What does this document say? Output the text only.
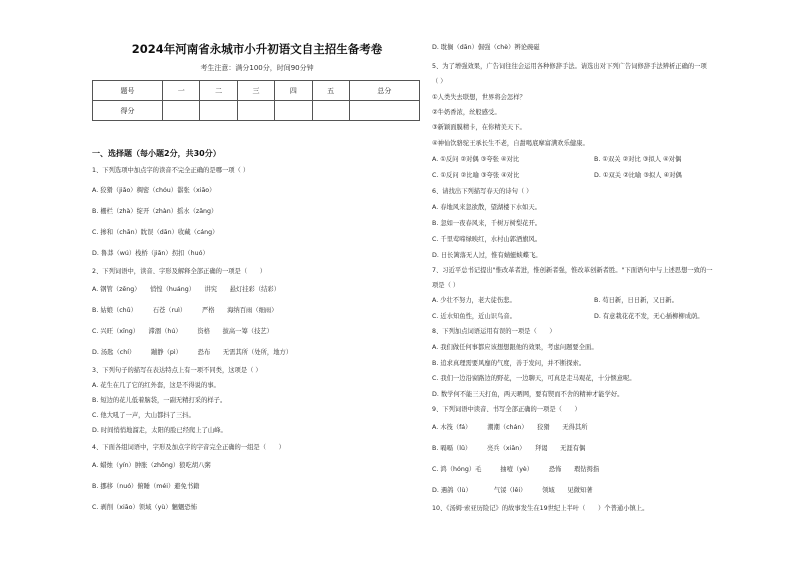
2024年河南省永城市小升初语文自主招生备考卷
考生注意：满分100分，时间90分钟
题号	一	二	三	四	五	总分
得分						
一、选择题（每小题2分，共30分）
1、下列选项中加点字的读音不完全正确的是哪一项（ ）
A. 狡猾（jiǎo）稠密（chóu）嚣张（xiāo）
B. 栅栏（zhà）绽开（zhàn）摇水（zǎng）
C. 掺和（chān）眈误（dān）收藏（cáng）
D. 鲁莽（wú）栈桥（jiǎn）拐扣（huó）
2、下列词语中，读音、字形及解释全部正确的一项是（　　）
A. 钢管（zēng）　　悄惶（huáng）　　讲究　　悬灯挂彩（结彩）
B. 姑娘（chǔ）　　　石苍（ruì）　　　严格　　海纳百雨（细雨）
C. 兴旺（xīng）　　滞涸（hú）　　　资格　　拔高一筹（技艺）
D. 汤匙（chí）　　　蹦静（pì）　　　恐布　　无需其所（处所，地方）
3、下列句子的描写在表达特点上有一项不同类，这项是（ ）
A. 花生在几了它的红外套，这是不得说的事。
B. 短边的花儿低着脑袋，一副无精打采的样子。
C. 他大吼了一声，大山都抖了三抖。
D. 时间悄悄地溜走，太阳的脸已经爬上了山峰。
4、下面各组词语中，字形及加点字的字音完全正确的一组是（　　）
A. 蜡烛（yín）肿胀（zhōng）狼吃胡八粥
B. 挪移（nuó）俯睡（méi）避免书籍
C. 剥削（xiāo）领域（yù）魑魍恐怖
D. 耽搁（dān）倔强（chè）辨论碗磁
5、为了增强效果，广告词往往会运用各种修辞手法。请选出对下列广告词修辞手法辨析正确的一项
（ ）
①人类失去联想，世界将会怎样？
②牛奶香浓，丝般感受。
③新颖面膜精卡，在你精美天下。
④神仙饮骆驼王承长生不老，自甜喝底摩富满欢乐健康。
A. ①反问 ②对偶 ③夸张 ④对比	B. ①双关 ②对比 ③拟人 ④对偶
C. ①反问 ②比喻 ③夸张 ④对比	D. ①双关 ②比喻 ③拟人 ④对偶
6、请找出下列描写春天的诗句（ ）
A. 春地风来忽欲散，望湖楼下水如天。
B. 忽如一夜春风来，千树万树梨花开。
C. 千里莺啼绿映红，水村山郭酒旗风。
D. 日长篱落无人过，惟有蜻蜓蛱蝶飞。
7、习近平总书记提出"惟改革者进，惟创新者强，惟改革创新者胜。"下面语句中与上述思想一致的一
项是（ ）
A. 少壮不努力，老大徒伤悲。	B. 苟日新，日日新，又日新。
C. 近水知鱼性，近山识鸟音。	D. 有意栽花花不发，无心插柳柳成荫。
8、下列加点词语运用有误的一项是（　　）
A. 我们做任何事都应该想想跟他的效果，考虑问题要全面。
B. 追求真理需要风靡的气度，善于发问，并不断探索。
C. 我们一边沿窗路边的野花，一边聊天，可真是走马观花，十分惬意呢。
D. 数学何不能三天打鱼，两天晒网，要有锲而不舍的精神才能学好。
9、下列词语中读音、书写全部正确的一项是（　　）
A. 木筏（fá）　　　潮潮（chán）　　狡猾　　无得其所
B. 嗝嗝（lǔ）　　　亮兵（xiān）　　拜谒　　无涯有偶
C. 鸿（hóng）毛　　　抽噎（yè）　　　恐怖　　瑕钻拇指
D. 遇鸽（lù）　　　　气馁（lěi）　　　领域　　见微知著
10、《汤姆·索亚历险记》的故事发生在19世纪上半叶（　　）个普通小镇上。
